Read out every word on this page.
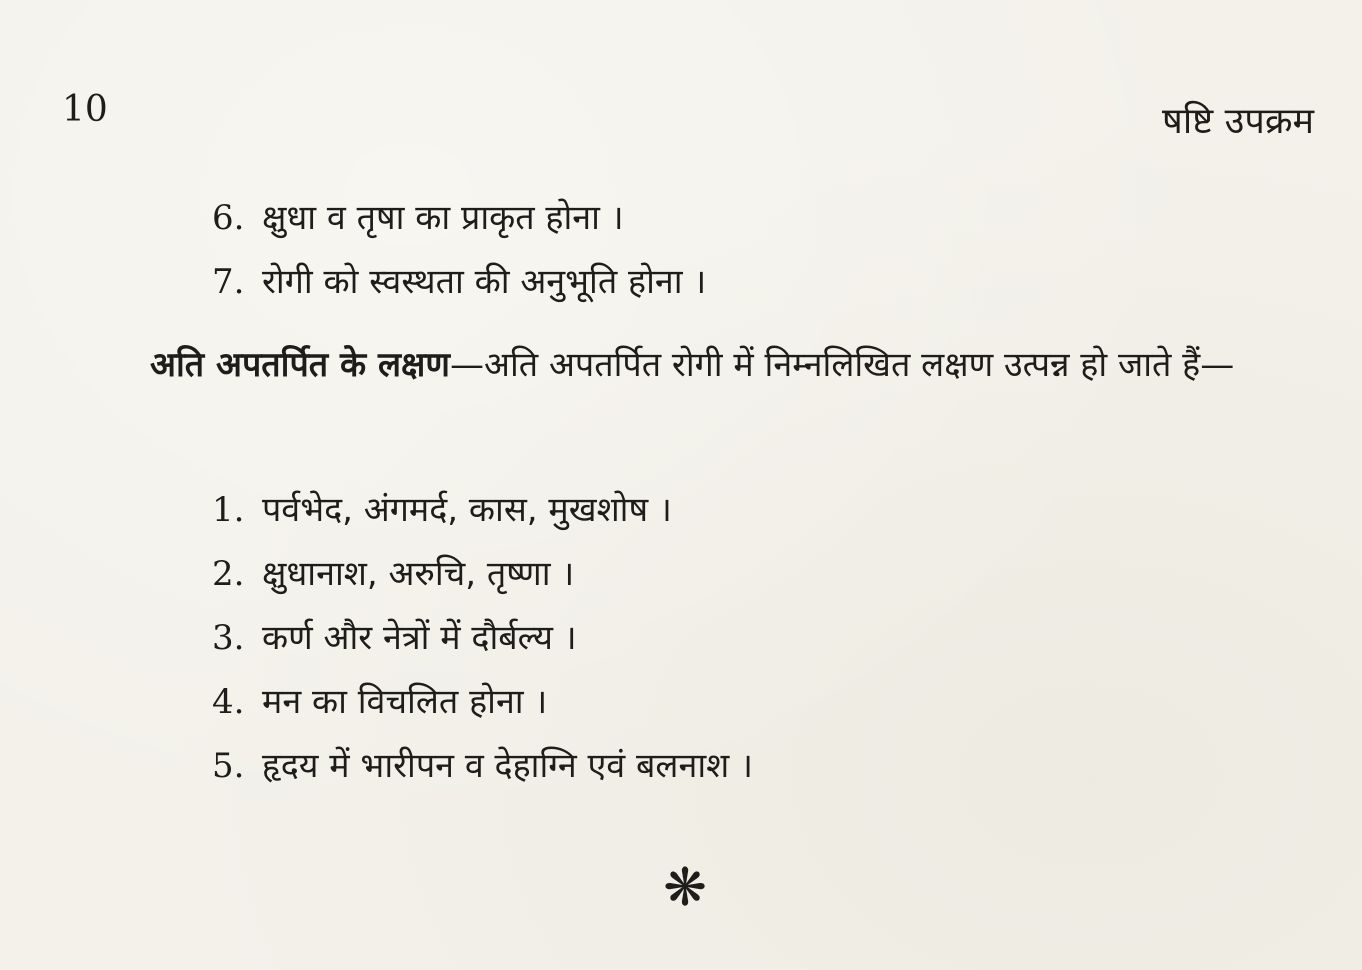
10	षष्टि उपक्रम
6. क्षुधा व तृषा का प्राकृत होना ।
7. रोगी को स्वस्थता की अनुभूति होना ।

अति अपतर्पित के लक्षण—अति अपतर्पित रोगी में निम्नलिखित लक्षण उत्पन्न हो जाते हैं—

1. पर्वभेद, अंगमर्द, कास, मुखशोष ।
2. क्षुधानाश, अरुचि, तृष्णा ।
3. कर्ण और नेत्रों में दौर्बल्य ।
4. मन का विचलित होना ।
5. हृदय में भारीपन व देहाग्नि एवं बलनाश ।
❋
